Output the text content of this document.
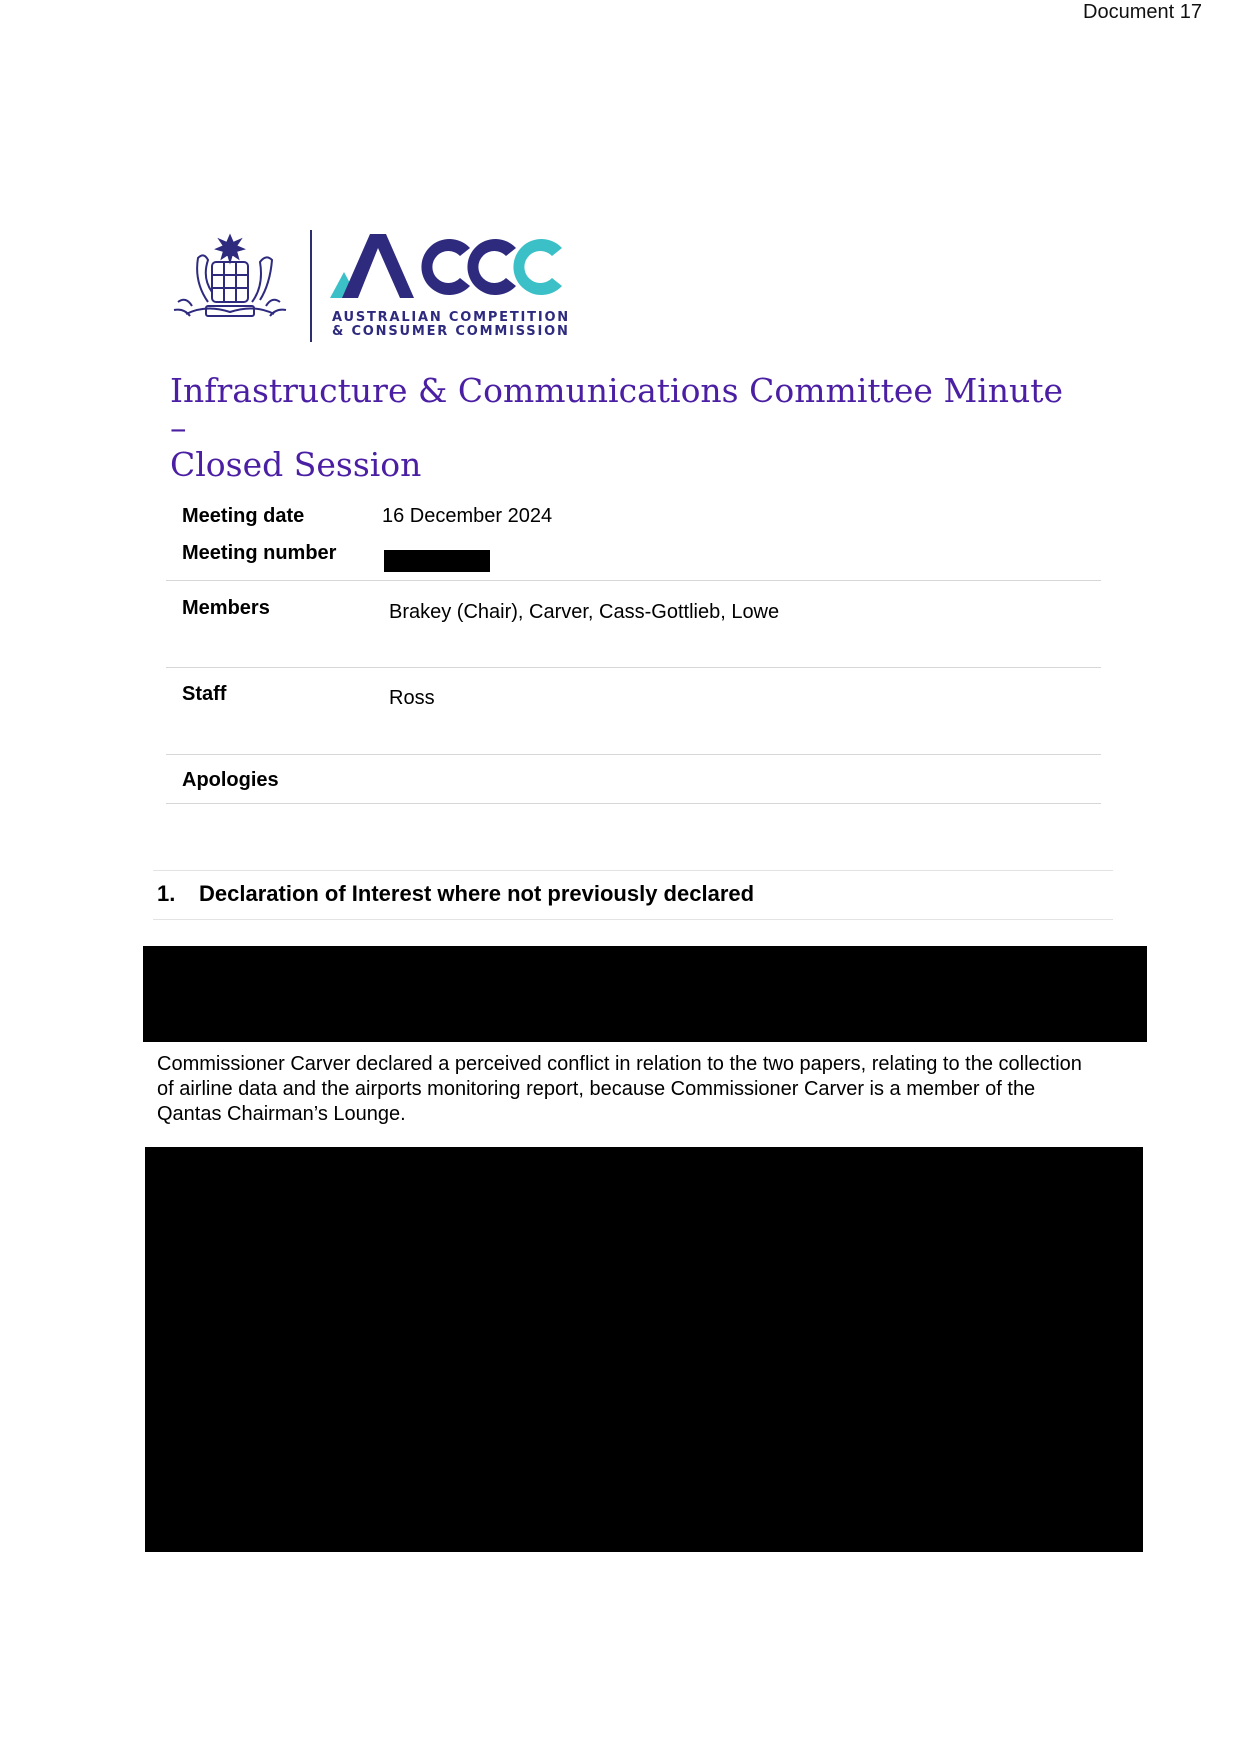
Document 17
AUSTRALIAN COMPETITION
& CONSUMER COMMISSION
Infrastructure & Communications Committee Minute –
Closed Session
Meeting date	16 December 2024
Meeting number
Members	Brakey (Chair), Carver, Cass-Gottlieb, Lowe
Staff	Ross
Apologies
1. Declaration of Interest where not previously declared
Commissioner Carver declared a perceived conflict in relation to the two papers, relating to the collection of airline data and the airports monitoring report, because Commissioner Carver is a member of the Qantas Chairman’s Lounge.
